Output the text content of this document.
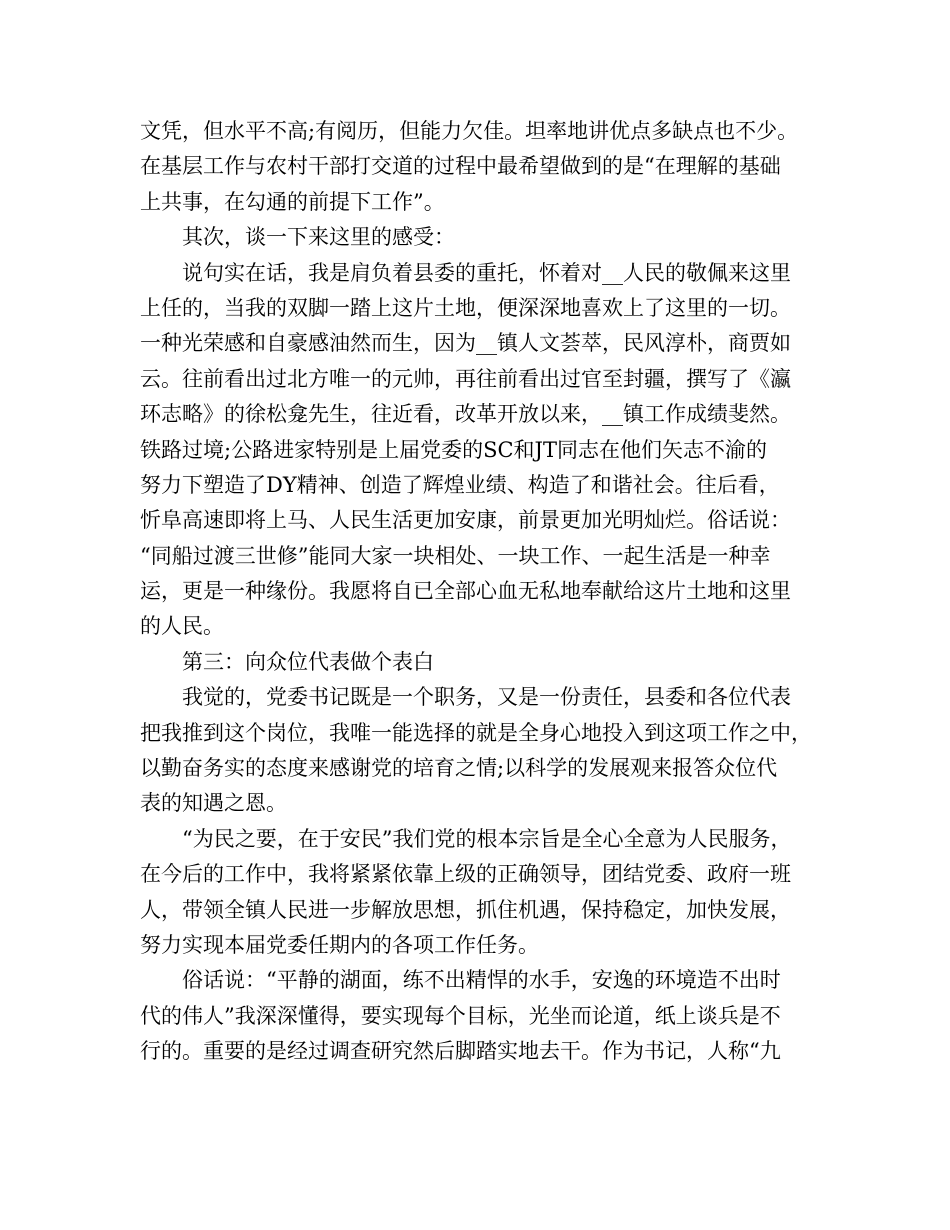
文凭，但水平不高;有阅历，但能力欠佳。坦率地讲优点多缺点也不少。
在基层工作与农村干部打交道的过程中最希望做到的是“在理解的基础
上共事，在勾通的前提下工作”。
　　其次，谈一下来这里的感受：
　　说句实在话，我是肩负着县委的重托，怀着对__人民的敬佩来这里
上任的，当我的双脚一踏上这片土地，便深深地喜欢上了这里的一切。
一种光荣感和自豪感油然而生，因为__镇人文荟萃，民风淳朴，商贾如
云。往前看出过北方唯一的元帅，再往前看出过官至封疆，撰写了《瀛
环志略》的徐松龛先生，往近看，改革开放以来，__镇工作成绩斐然。
铁路过境;公路进家特别是上届党委的SC和JT同志在他们矢志不渝的
努力下塑造了DY精神、创造了辉煌业绩、构造了和谐社会。往后看，
忻阜高速即将上马、人民生活更加安康，前景更加光明灿烂。俗话说：
“同船过渡三世修”能同大家一块相处、一块工作、一起生活是一种幸
运，更是一种缘份。我愿将自已全部心血无私地奉献给这片土地和这里
的人民。
　　第三：向众位代表做个表白
　　我觉的，党委书记既是一个职务，又是一份责任，县委和各位代表
把我推到这个岗位，我唯一能选择的就是全身心地投入到这项工作之中，
以勤奋务实的态度来感谢党的培育之情;以科学的发展观来报答众位代
表的知遇之恩。
　　“为民之要，在于安民”我们党的根本宗旨是全心全意为人民服务，
在今后的工作中，我将紧紧依靠上级的正确领导，团结党委、政府一班
人，带领全镇人民进一步解放思想，抓住机遇，保持稳定，加快发展，
努力实现本届党委任期内的各项工作任务。
　　俗话说：“平静的湖面，练不出精悍的水手，安逸的环境造不出时
代的伟人”我深深懂得，要实现每个目标，光坐而论道，纸上谈兵是不
行的。重要的是经过调查研究然后脚踏实地去干。作为书记，人称“九
